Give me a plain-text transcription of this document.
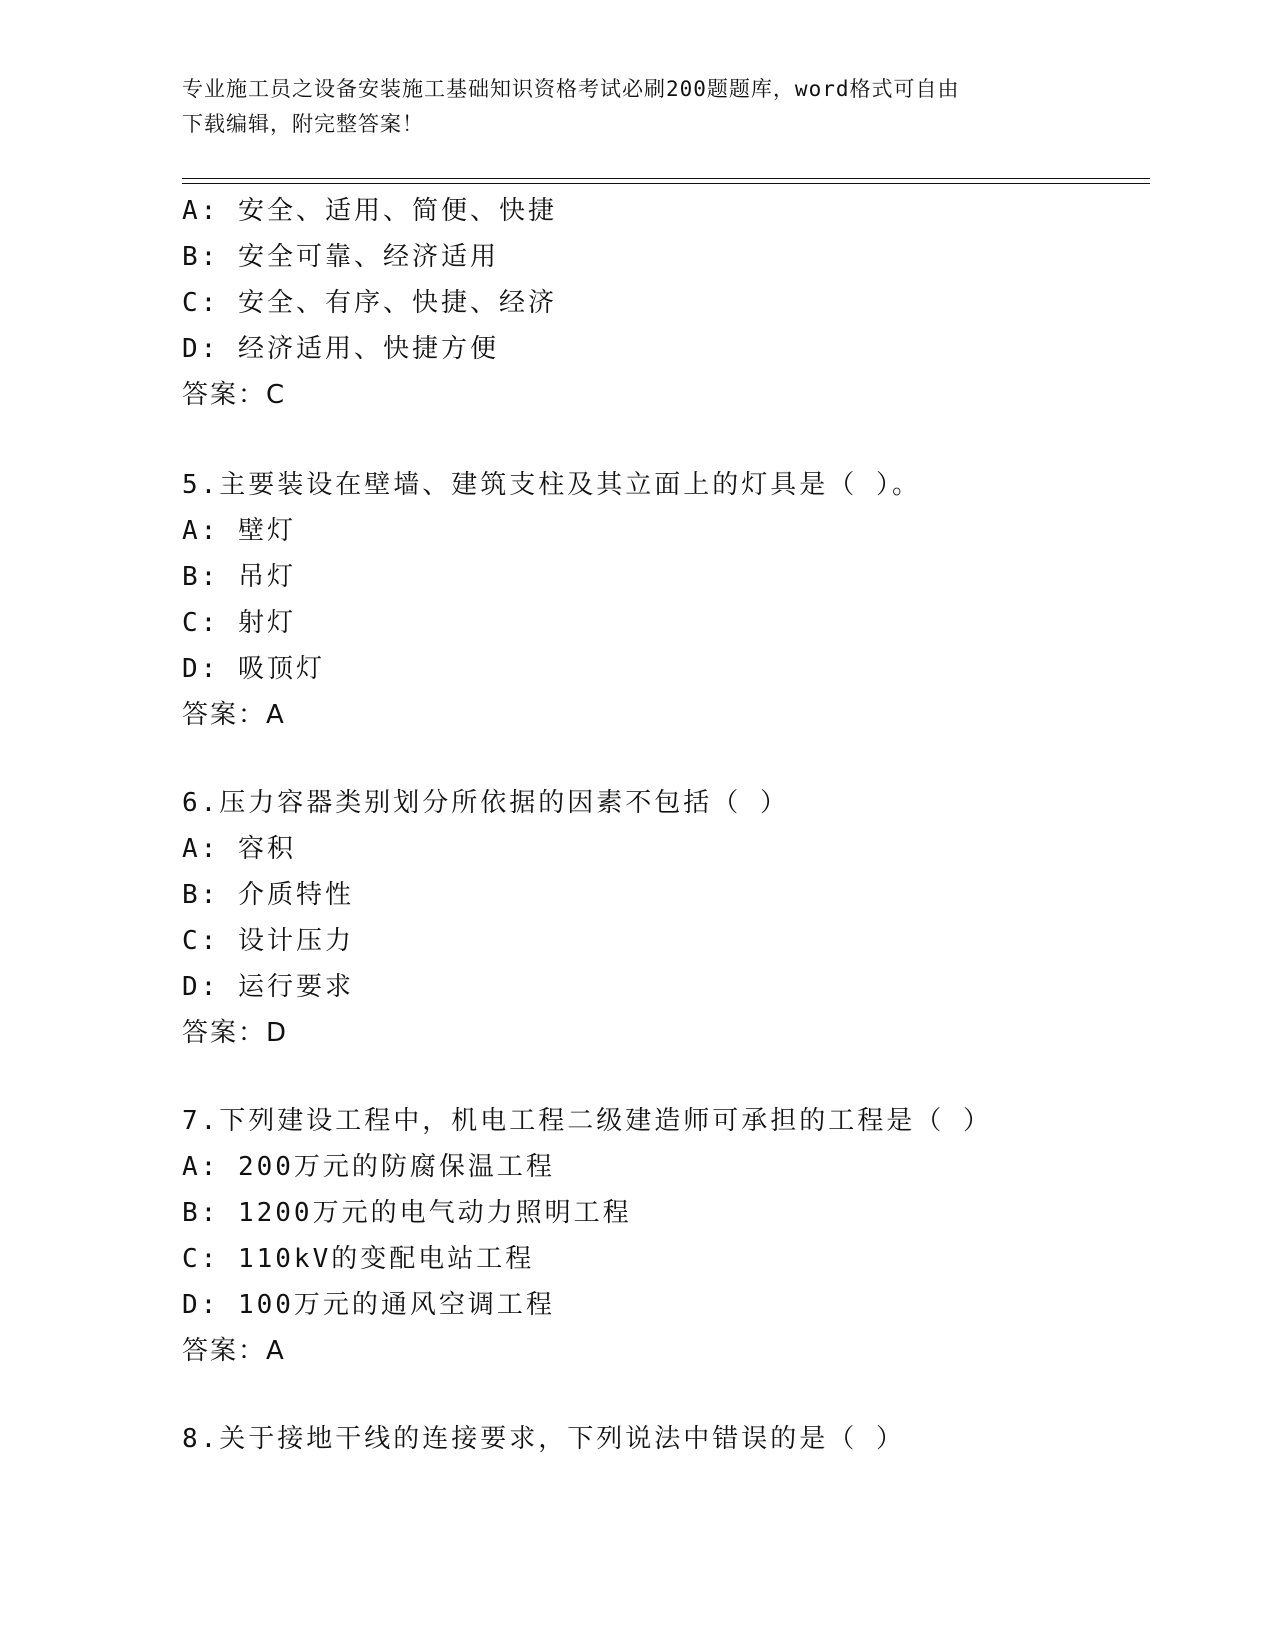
专业施工员之设备安装施工基础知识资格考试必刷200题题库，word格式可自由
下载编辑，附完整答案！
A: 安全、适用、简便、快捷
B: 安全可靠、经济适用
C: 安全、有序、快捷、经济
D: 经济适用、快捷方便
答案：C
5.主要装设在壁墙、建筑支柱及其立面上的灯具是（ ）。
A: 壁灯
B: 吊灯
C: 射灯
D: 吸顶灯
答案：A
6.压力容器类别划分所依据的因素不包括（ ）
A: 容积
B: 介质特性
C: 设计压力
D: 运行要求
答案：D
7.下列建设工程中，机电工程二级建造师可承担的工程是（ ）
A: 200万元的防腐保温工程
B: 1200万元的电气动力照明工程
C: 110kV的变配电站工程
D: 100万元的通风空调工程
答案：A
8.关于接地干线的连接要求，下列说法中错误的是（ ）
